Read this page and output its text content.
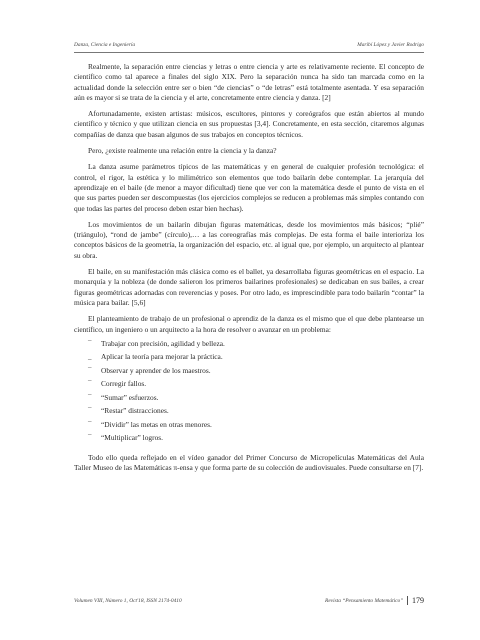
Danza, Ciencia e Ingeniería	Maribí López y Javier Rodrigo

Realmente, la separación entre ciencias y letras o entre ciencia y arte es relativamente reciente. El concepto de científico como tal aparece a finales del siglo XIX. Pero la separación nunca ha sido tan marcada como en la actualidad donde la selección entre ser o bien “de ciencias” o “de letras” está totalmente asentada. Y esa separación aún es mayor si se trata de la ciencia y el arte, concretamente entre ciencia y danza. [2]

Afortunadamente, existen artistas: músicos, escultores, pintores y coreógrafos que están abiertos al mundo científico y técnico y que utilizan ciencia en sus propuestas [3,4]. Concretamente, en esta sección, citaremos algunas compañías de danza que basan algunos de sus trabajos en conceptos técnicos.

Pero, ¿existe realmente una relación entre la ciencia y la danza?

La danza asume parámetros típicos de las matemáticas y en general de cualquier profesión tecnológica: el control, el rigor, la estética y lo milimétrico son elementos que todo bailarín debe contemplar. La jerarquía del aprendizaje en el baile (de menor a mayor dificultad) tiene que ver con la matemática desde el punto de vista en el que sus partes pueden ser descompuestas (los ejercicios complejos se reducen a problemas más simples contando con que todas las partes del proceso deben estar bien hechas).

Los movimientos de un bailarín dibujan figuras matemáticas, desde los movimientos más básicos; “plié” (triángulo), “rond de jambe” (círculo),… a las coreografías más complejas. De esta forma el baile interioriza los conceptos básicos de la geometría, la organización del espacio, etc. al igual que, por ejemplo, un arquitecto al plantear su obra.

El baile, en su manifestación más clásica como es el ballet, ya desarrollaba figuras geométricas en el espacio. La monarquía y la nobleza (de donde salieron los primeros bailarines profesionales) se dedicaban en sus bailes, a crear figuras geométricas adornadas con reverencias y poses. Por otro lado, es imprescindible para todo bailarín “contar” la música para bailar. [5,6]

El planteamiento de trabajo de un profesional o aprendiz de la danza es el mismo que el que debe plantearse un científico, un ingeniero o un arquitecto a la hora de resolver o avanzar en un problema:

¯	Trabajar con precisión, agilidad y belleza.
_	Aplicar la teoría para mejorar la práctica.
¯	Observar y aprender de los maestros.
¯	Corregir fallos.
¯	“Sumar” esfuerzos.
¯	“Restar” distracciones.
¯	“Dividir” las metas en otras menores.
¯	“Multiplicar” logros.

Todo ello queda reflejado en el vídeo ganador del Primer Concurso de Micropelículas Matemáticas del Aula Taller Museo de las Matemáticas π-ensa y que forma parte de su colección de audiovisuales. Puede consultarse en [7].

Volumen VIII, Número 1, Oct'18, ISSN 2174-0410	Revista “Pensamiento Matemático” 179
